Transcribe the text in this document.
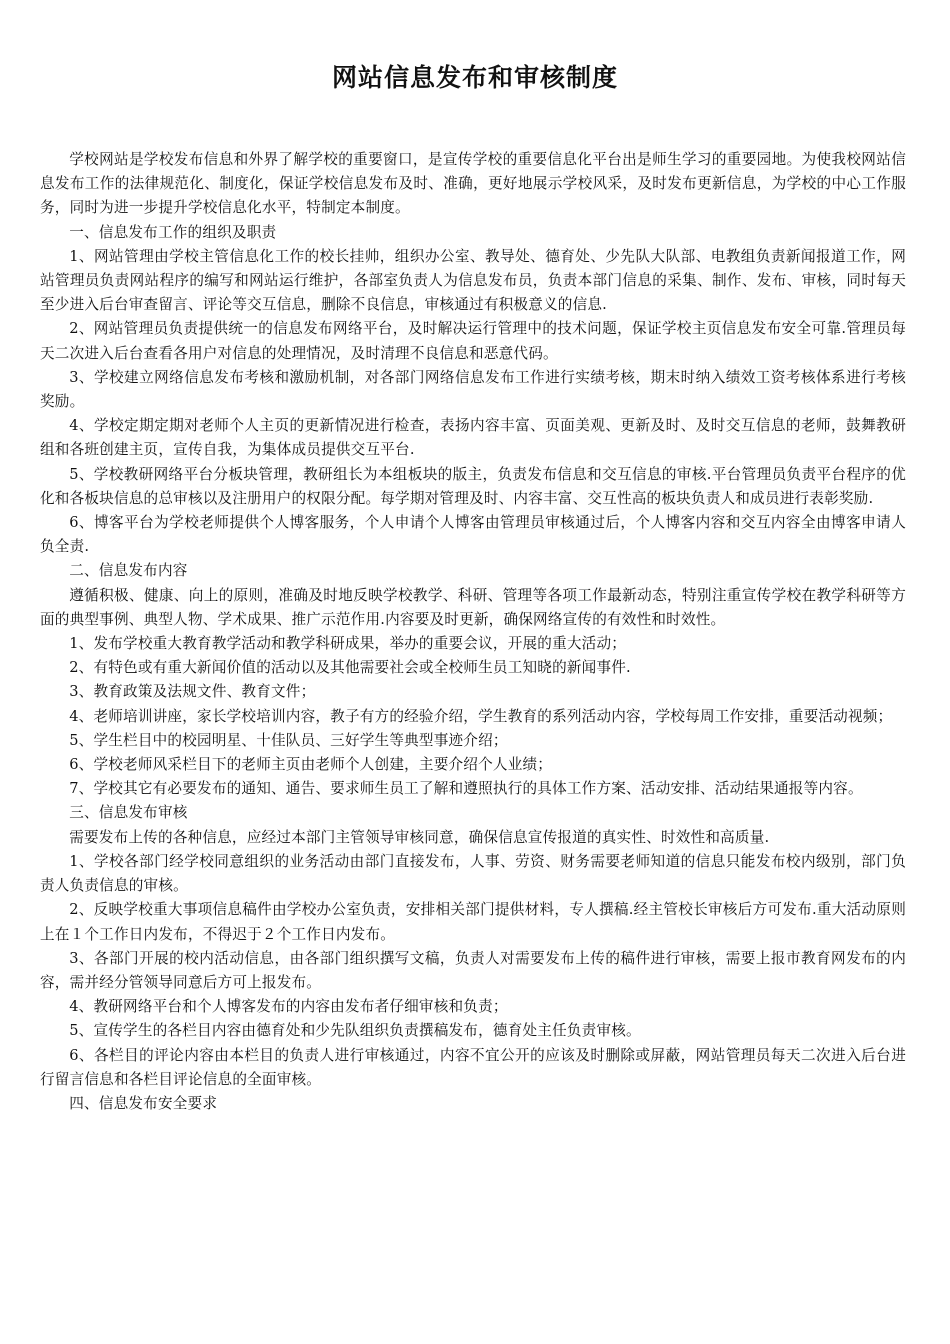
网站信息发布和审核制度

学校网站是学校发布信息和外界了解学校的重要窗口，是宣传学校的重要信息化平台出是师生学习的重要园地。为使我校网站信息发布工作的法律规范化、制度化，保证学校信息发布及时、准确，更好地展示学校风采，及时发布更新信息，为学校的中心工作服务，同时为进一步提升学校信息化水平，特制定本制度。

一、信息发布工作的组织及职责

1、网站管理由学校主管信息化工作的校长挂帅，组织办公室、教导处、德育处、少先队大队部、电教组负责新闻报道工作，网站管理员负责网站程序的编写和网站运行维护，各部室负责人为信息发布员，负责本部门信息的采集、制作、发布、审核，同时每天至少进入后台审查留言、评论等交互信息，删除不良信息，审核通过有积极意义的信息.

2、网站管理员负责提供统一的信息发布网络平台，及时解决运行管理中的技术问题，保证学校主页信息发布安全可靠.管理员每天二次进入后台查看各用户对信息的处理情况，及时清理不良信息和恶意代码。

3、学校建立网络信息发布考核和激励机制，对各部门网络信息发布工作进行实绩考核，期末时纳入绩效工资考核体系进行考核奖励。

4、学校定期定期对老师个人主页的更新情况进行检查，表扬内容丰富、页面美观、更新及时、及时交互信息的老师，鼓舞教研组和各班创建主页，宣传自我，为集体成员提供交互平台.

5、学校教研网络平台分板块管理，教研组长为本组板块的版主，负责发布信息和交互信息的审核.平台管理员负责平台程序的优化和各板块信息的总审核以及注册用户的权限分配。每学期对管理及时、内容丰富、交互性高的板块负责人和成员进行表彰奖励.

6、博客平台为学校老师提供个人博客服务，个人申请个人博客由管理员审核通过后，个人博客内容和交互内容全由博客申请人负全责.

二、信息发布内容

遵循积极、健康、向上的原则，准确及时地反映学校教学、科研、管理等各项工作最新动态，特别注重宣传学校在教学科研等方面的典型事例、典型人物、学术成果、推广示范作用.内容要及时更新，确保网络宣传的有效性和时效性。

1、发布学校重大教育教学活动和教学科研成果，举办的重要会议，开展的重大活动；

2、有特色或有重大新闻价值的活动以及其他需要社会或全校师生员工知晓的新闻事件.

3、教育政策及法规文件、教育文件；

4、老师培训讲座，家长学校培训内容，教子有方的经验介绍，学生教育的系列活动内容，学校每周工作安排，重要活动视频；

5、学生栏目中的校园明星、十佳队员、三好学生等典型事迹介绍；

6、学校老师风采栏目下的老师主页由老师个人创建，主要介绍个人业绩；

7、学校其它有必要发布的通知、通告、要求师生员工了解和遵照执行的具体工作方案、活动安排、活动结果通报等内容。

三、信息发布审核

需要发布上传的各种信息，应经过本部门主管领导审核同意，确保信息宣传报道的真实性、时效性和高质量.

1、学校各部门经学校同意组织的业务活动由部门直接发布，人事、劳资、财务需要老师知道的信息只能发布校内级别，部门负责人负责信息的审核。

2、反映学校重大事项信息稿件由学校办公室负责，安排相关部门提供材料，专人撰稿.经主管校长审核后方可发布.重大活动原则上在１个工作日内发布，不得迟于２个工作日内发布。

3、各部门开展的校内活动信息，由各部门组织撰写文稿，负责人对需要发布上传的稿件进行审核，需要上报市教育网发布的内容，需并经分管领导同意后方可上报发布。

4、教研网络平台和个人博客发布的内容由发布者仔细审核和负责；

5、宣传学生的各栏目内容由德育处和少先队组织负责撰稿发布，德育处主任负责审核。

6、各栏目的评论内容由本栏目的负责人进行审核通过，内容不宜公开的应该及时删除或屏蔽，网站管理员每天二次进入后台进行留言信息和各栏目评论信息的全面审核。

四、信息发布安全要求
